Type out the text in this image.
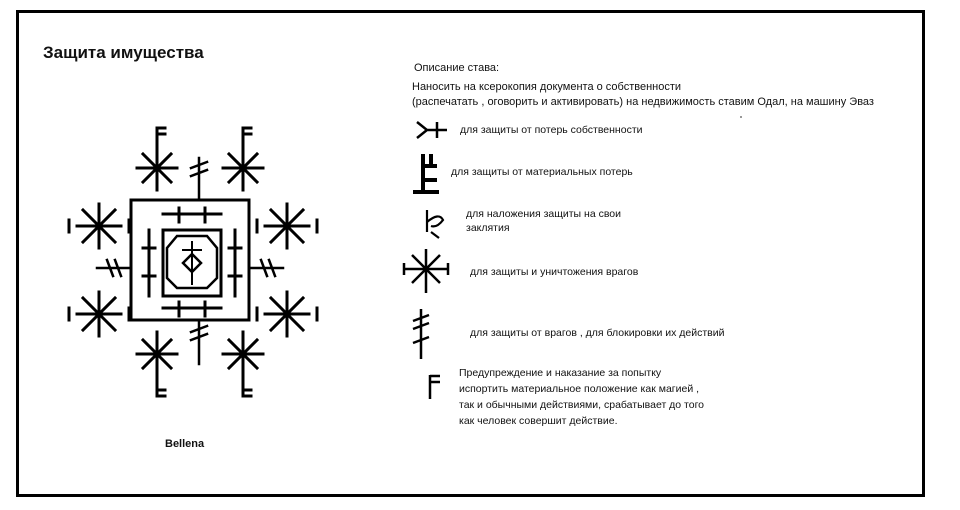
Защита имущества
Bellena
Описание става:
Наносить на ксерокопия документа о собственности
(распечатать , оговорить и активировать) на недвижимость ставим Одал, на машину Эваз
для защиты от потерь собственности
для защиты от материальных потерь
для наложения защиты на свои
заклятия
для защиты и уничтожения врагов
для защиты от врагов , для блокировки их действий
Предупреждение и наказание за попытку
испортить материальное положение как магией ,
так и обычными действиями, срабатывает до того
как человек совершит действие.
